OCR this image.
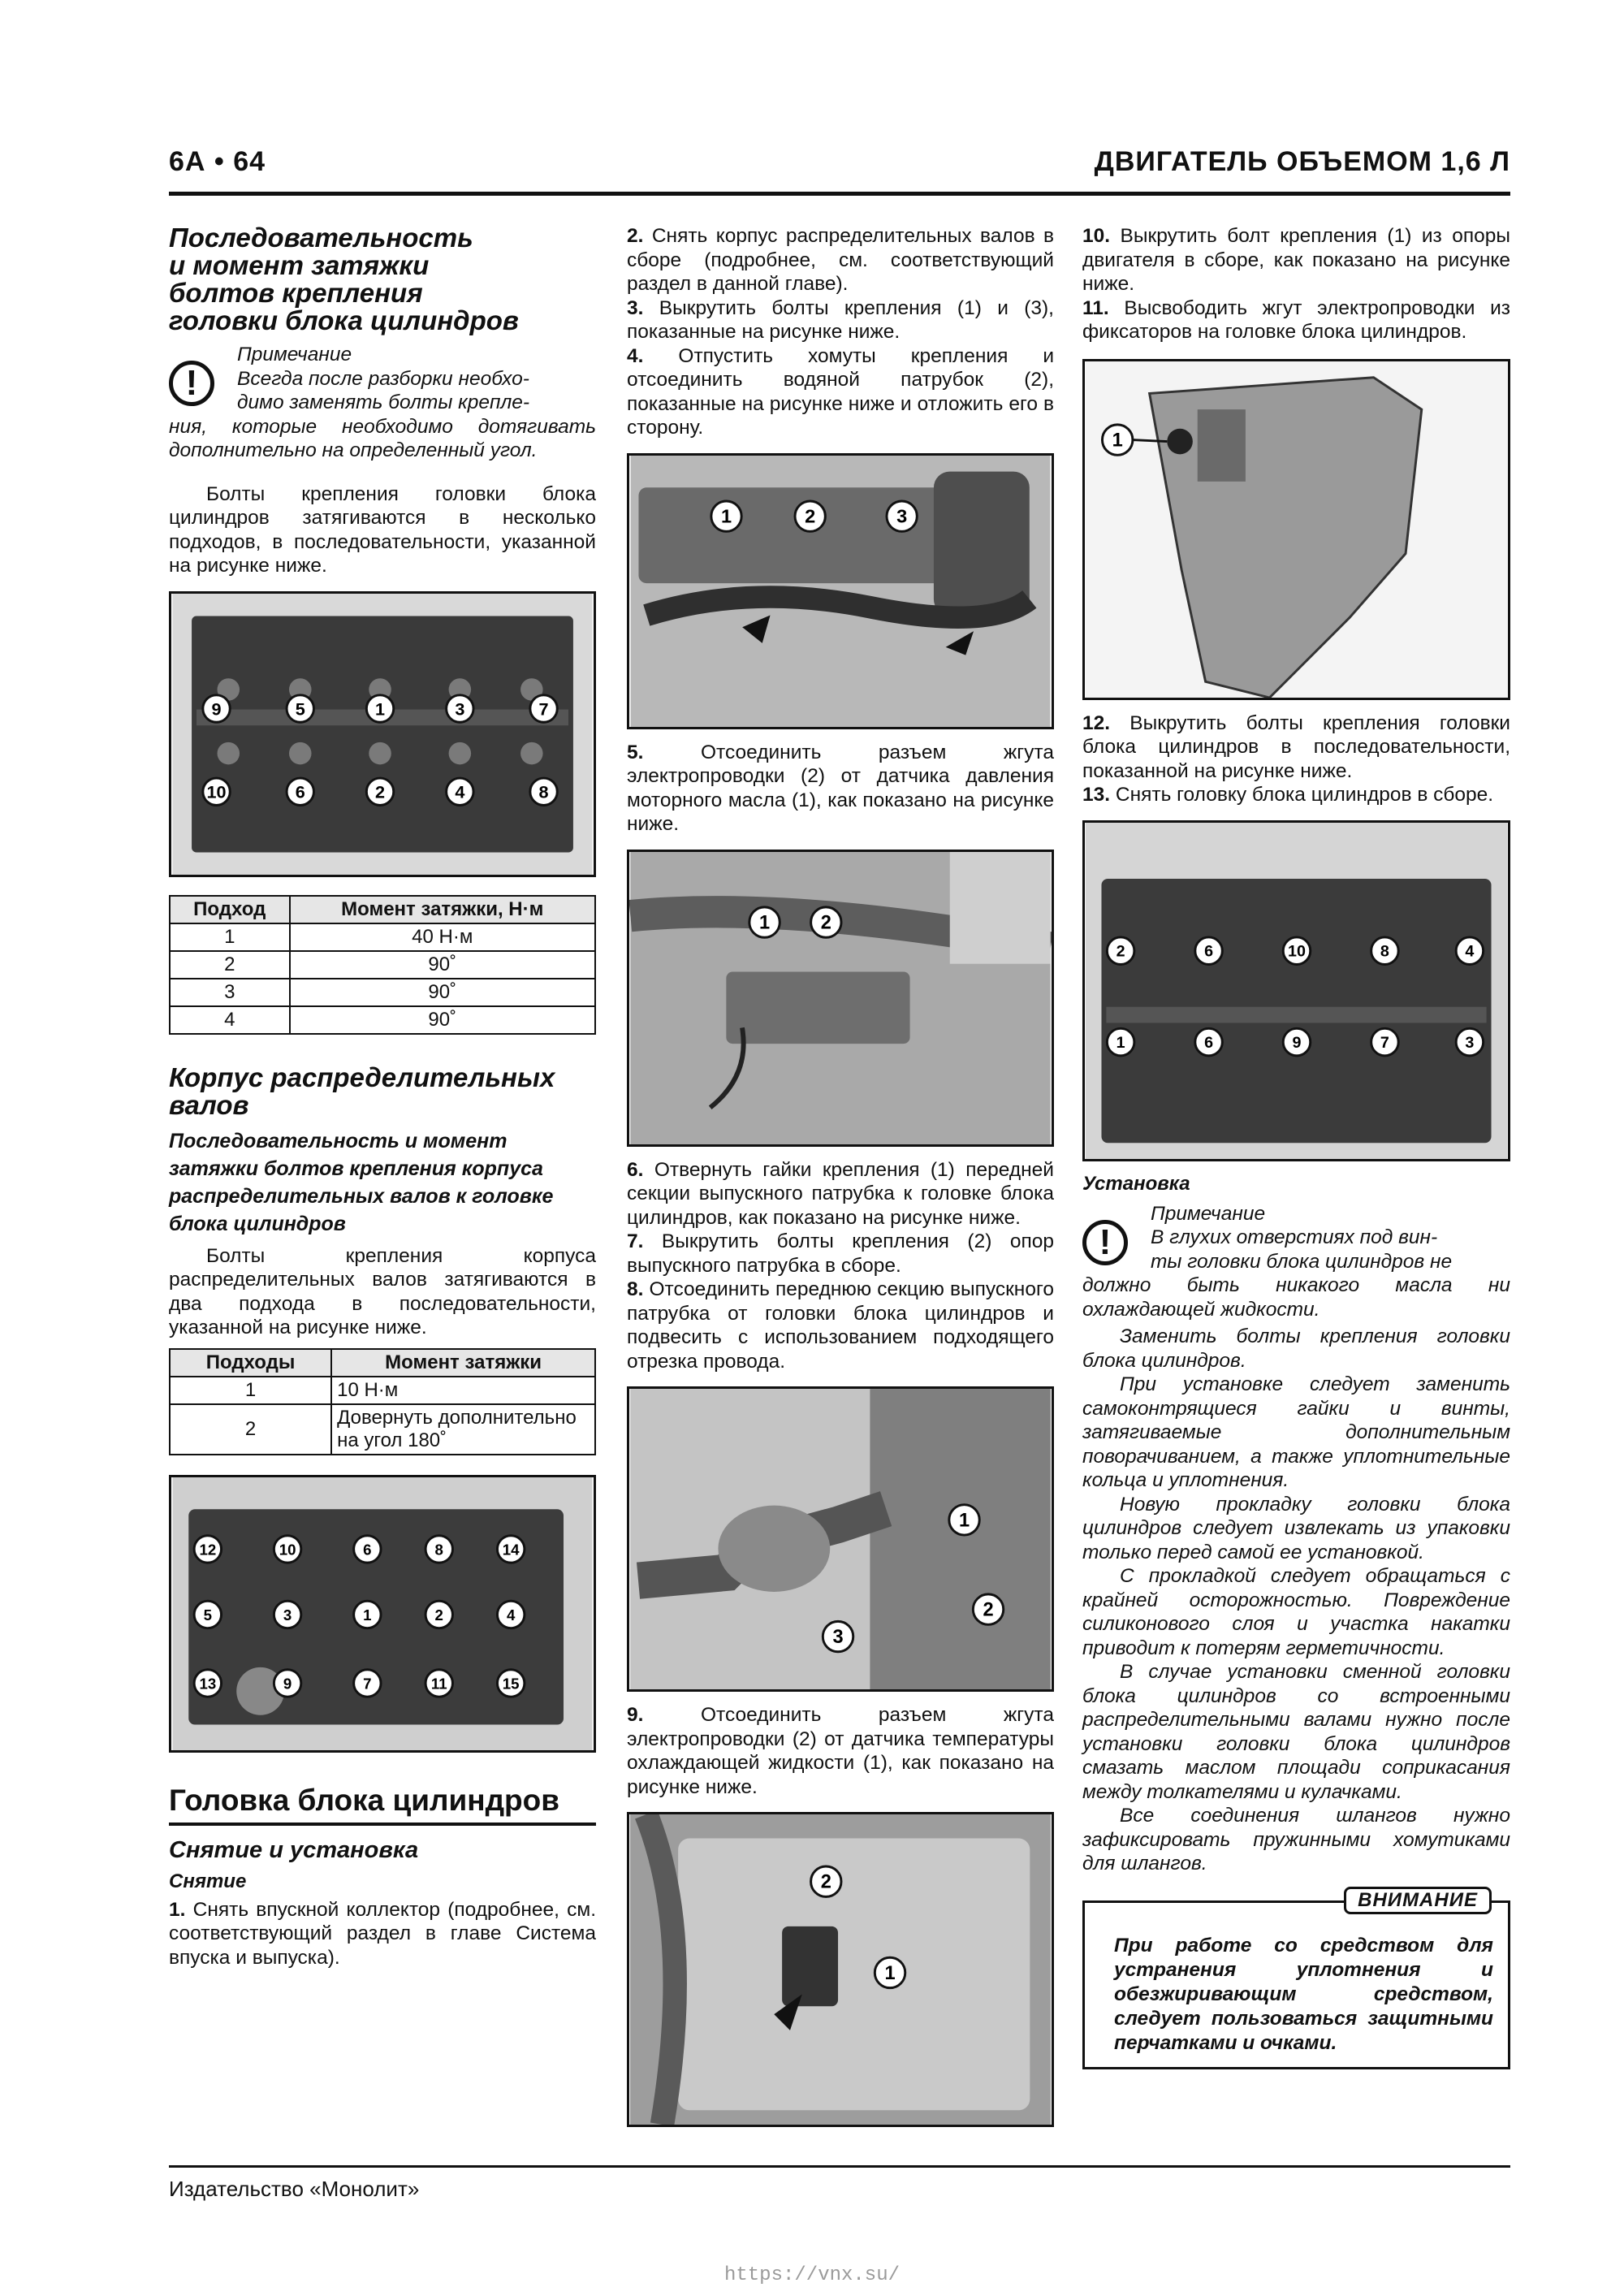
6А • 64	ДВИГАТЕЛЬ ОБЪЕМОМ 1,6 Л
Последовательность
и момент затяжки
болтов крепления
головки блока цилиндров
!
Примечание
Всегда после разборки необхо-
димо заменять болты крепле-
ния, которые необходимо дотягивать дополнительно на определенный угол.

Болты крепления головки блока цилиндров затягиваются в несколько подходов, в последовательности, указанной на рисунке ниже.

9	5	1	3	7
10	6	2	4	8
Подход	Момент затяжки, Н·м
1	40 Н·м
2	90˚
3	90˚
4	90˚
Корпус распределительных валов
Последовательность и момент затяжки болтов крепления корпуса распределительных валов к головке блока цилиндров

Болты крепления корпуса распределительных валов затягиваются в два подхода в последовательности, указанной на рисунке ниже.

Подходы	Момент затяжки
1	10 Н·м
2	Довернуть дополнительно на угол 180˚
12	10	6	8	14
5	3	1	2	4
13	9	7	11	15
Головка блока цилиндров
Снятие и установка
Снятие

1. Снять впускной коллектор (подробнее, см. соответствующий раздел в главе Система впуска и выпуска).

2. Снять корпус распределительных валов в сборе (подробнее, см. соответствующий раздел в данной главе).

3. Выкрутить болты крепления (1) и (3), показанные на рисунке ниже.

4. Отпустить хомуты крепления и отсоединить водяной патрубок (2), показанные на рисунке ниже и отложить его в сторону.

1	2	3

5.	Отсоединить разъем жгута электропроводки (2) от датчика давления моторного масла (1), как показано на рисунке ниже.

1	2

6. Отвернуть гайки крепления (1) передней секции выпускного патрубка к головке блока цилиндров, как показано на рисунке ниже.

7. Выкрутить болты крепления (2) опор выпускного патрубка в сборе.

8. Отсоединить переднюю секцию выпускного патрубка от головки блока цилиндров и подвесить с использованием подходящего отрезка провода.

1
2
3

9.	Отсоединить разъем жгута электропроводки (2) от датчика температуры охлаждающей жидкости (1), как показано на рисунке ниже.

2
1

10. Выкрутить болт крепления (1) из опоры двигателя в сборе, как показано на рисунке ниже.

11. Высвободить жгут электропроводки из фиксаторов на головке блока цилиндров.

1

12. Выкрутить болты крепления головки блока цилиндров в последовательности, показанной на рисунке ниже.

13. Снять головку блока цилиндров в сборе.

2	6	10	8	4
1	6	9	7	3
Установка
!
Примечание
В глухих отверстиях под вин-
ты головки блока цилиндров не
должно быть никакого масла ни охлаждающей жидкости.

Заменить болты крепления головки блока цилиндров.

При установке следует заменить самоконтрящиеся гайки и винты, затягиваемые дополнительным поворачиванием, а также уплотнительные кольца и уплотнения.

Новую прокладку головки блока цилиндров следует извлекать из упаковки только перед самой ее установкой.

С прокладкой следует обращаться с крайней осторожностью. Повреждение силиконового слоя и участка накатки приводит к потерям герметичности.

В случае установки сменной головки блока цилиндров со встроенными распределительными валами нужно после установки головки блока цилиндров смазать маслом площади соприкасания между толкателями и кулачками.

Все соединения шлангов нужно зафиксировать пружинными хомутиками для шлангов.

ВНИМАНИЕ

При работе со средством для устранения уплотнения и обезжиривающим средством, следует пользоваться защитными перчатками и очками.

Издательство «Монолит»
https://vnx.su/
